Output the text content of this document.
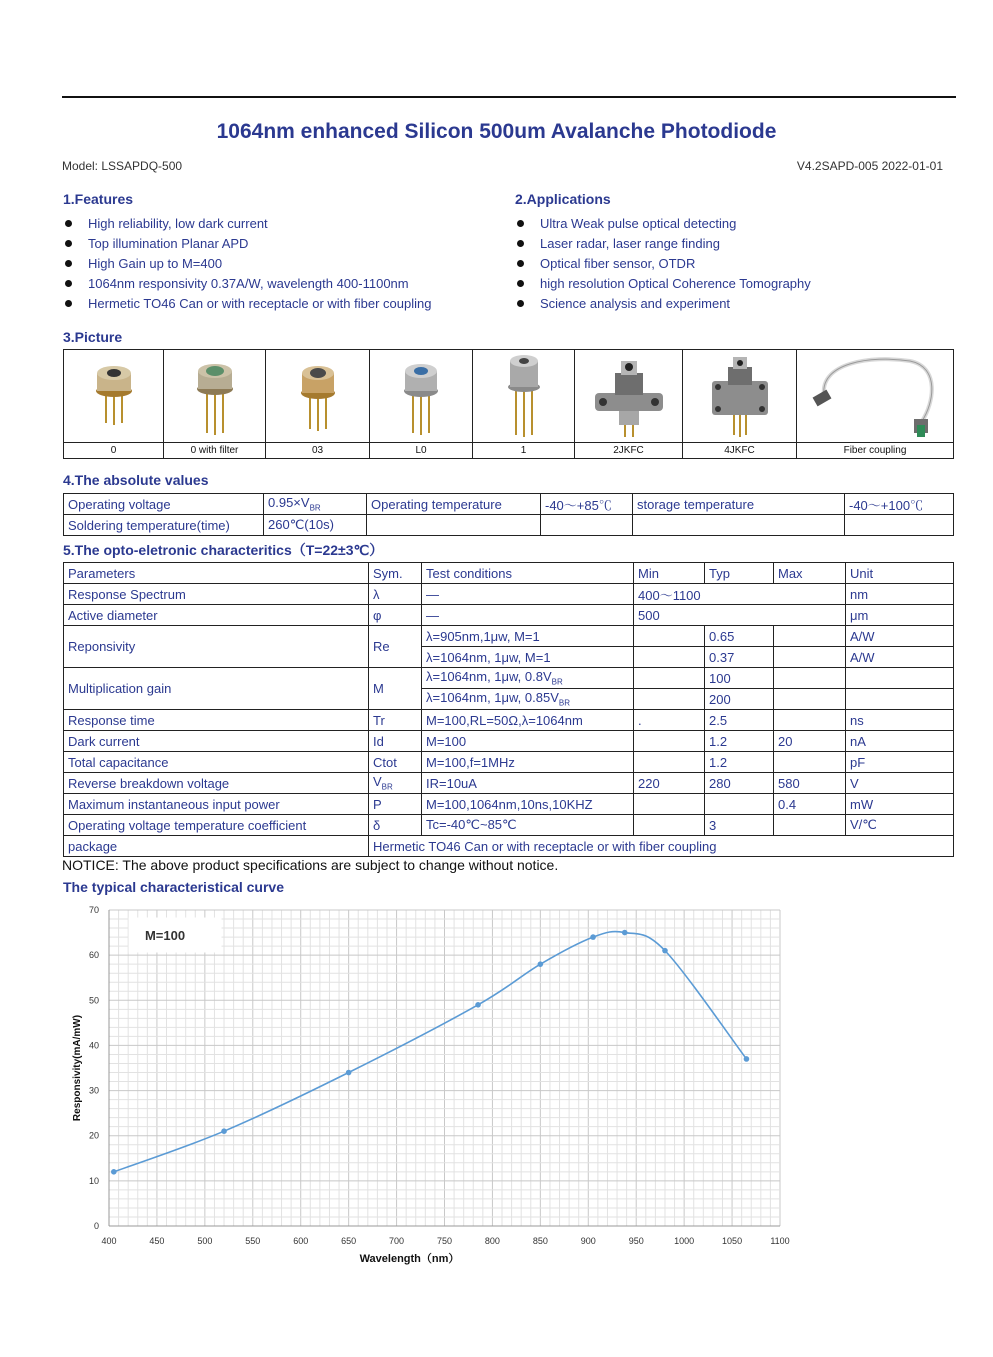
1064nm enhanced Silicon 500um Avalanche Photodiode
Model: LSSAPDQ-500	V4.2SAPD-005 2022-01-01
1.Features
High reliability, low dark current
Top illumination Planar APD
High Gain up to M=400
1064nm responsivity 0.37A/W, wavelength 400-1100nm
Hermetic TO46 Can or with receptacle or with fiber coupling
2.Applications
Ultra Weak pulse optical detecting
Laser radar, laser range finding
Optical fiber sensor, OTDR
high resolution Optical Coherence Tomography
Science analysis and experiment
3.Picture
0	0 with filter	03	L0	1	2JKFC	4JKFC	Fiber coupling
4.The absolute values
Operating voltage	$0.95\times V_{BR}$	Operating temperature	-40～+85℃	storage temperature	-40～+100℃
Soldering temperature(time)	260℃(10s)				
5.The opto-eletronic characteritics（T=22±3℃）
Parameters	Sym.	Test conditions	Min	Typ	Max	Unit
Response Spectrum	λ	—	400～1100			nm
Active diameter	φ	—	500			μm
Reponsivity	Re	λ=905nm,1μw, M=1		0.65		A/W
		λ=1064nm, 1μw, M=1		0.37		A/W
Multiplication gain	M	λ=1064nm, 1μw, $0.8V_{BR}$		100		
		λ=1064nm, 1μw, $0.85V_{BR}$		200		
Response time	Tr	M=100,RL=50Ω,λ=1064nm	.	2.5		ns
Dark current	Id	M=100		1.2	20	nA
Total capacitance	Ctot	M=100,f=1MHz		1.2		pF
Reverse breakdown voltage	$V_{BR}$	IR=10uA	220	280	580	V
Maximum instantaneous input power	P	M=100,1064nm,10ns,10KHZ			0.4	mW
Operating voltage temperature coefficient	δ	Tc=-40℃~85℃		3		V/℃
package	Hermetic TO46 Can or with receptacle or with fiber coupling					
NOTICE: The above product specifications are subject to change without notice.
The typical characteristical curve
400	450	500	550	600	650	700	750	800	850	900	950	1000	1050	1100
0
10
20
30
40
50
60
70
Wavelength（nm）
Responsivity(mA/mW)
M=100
